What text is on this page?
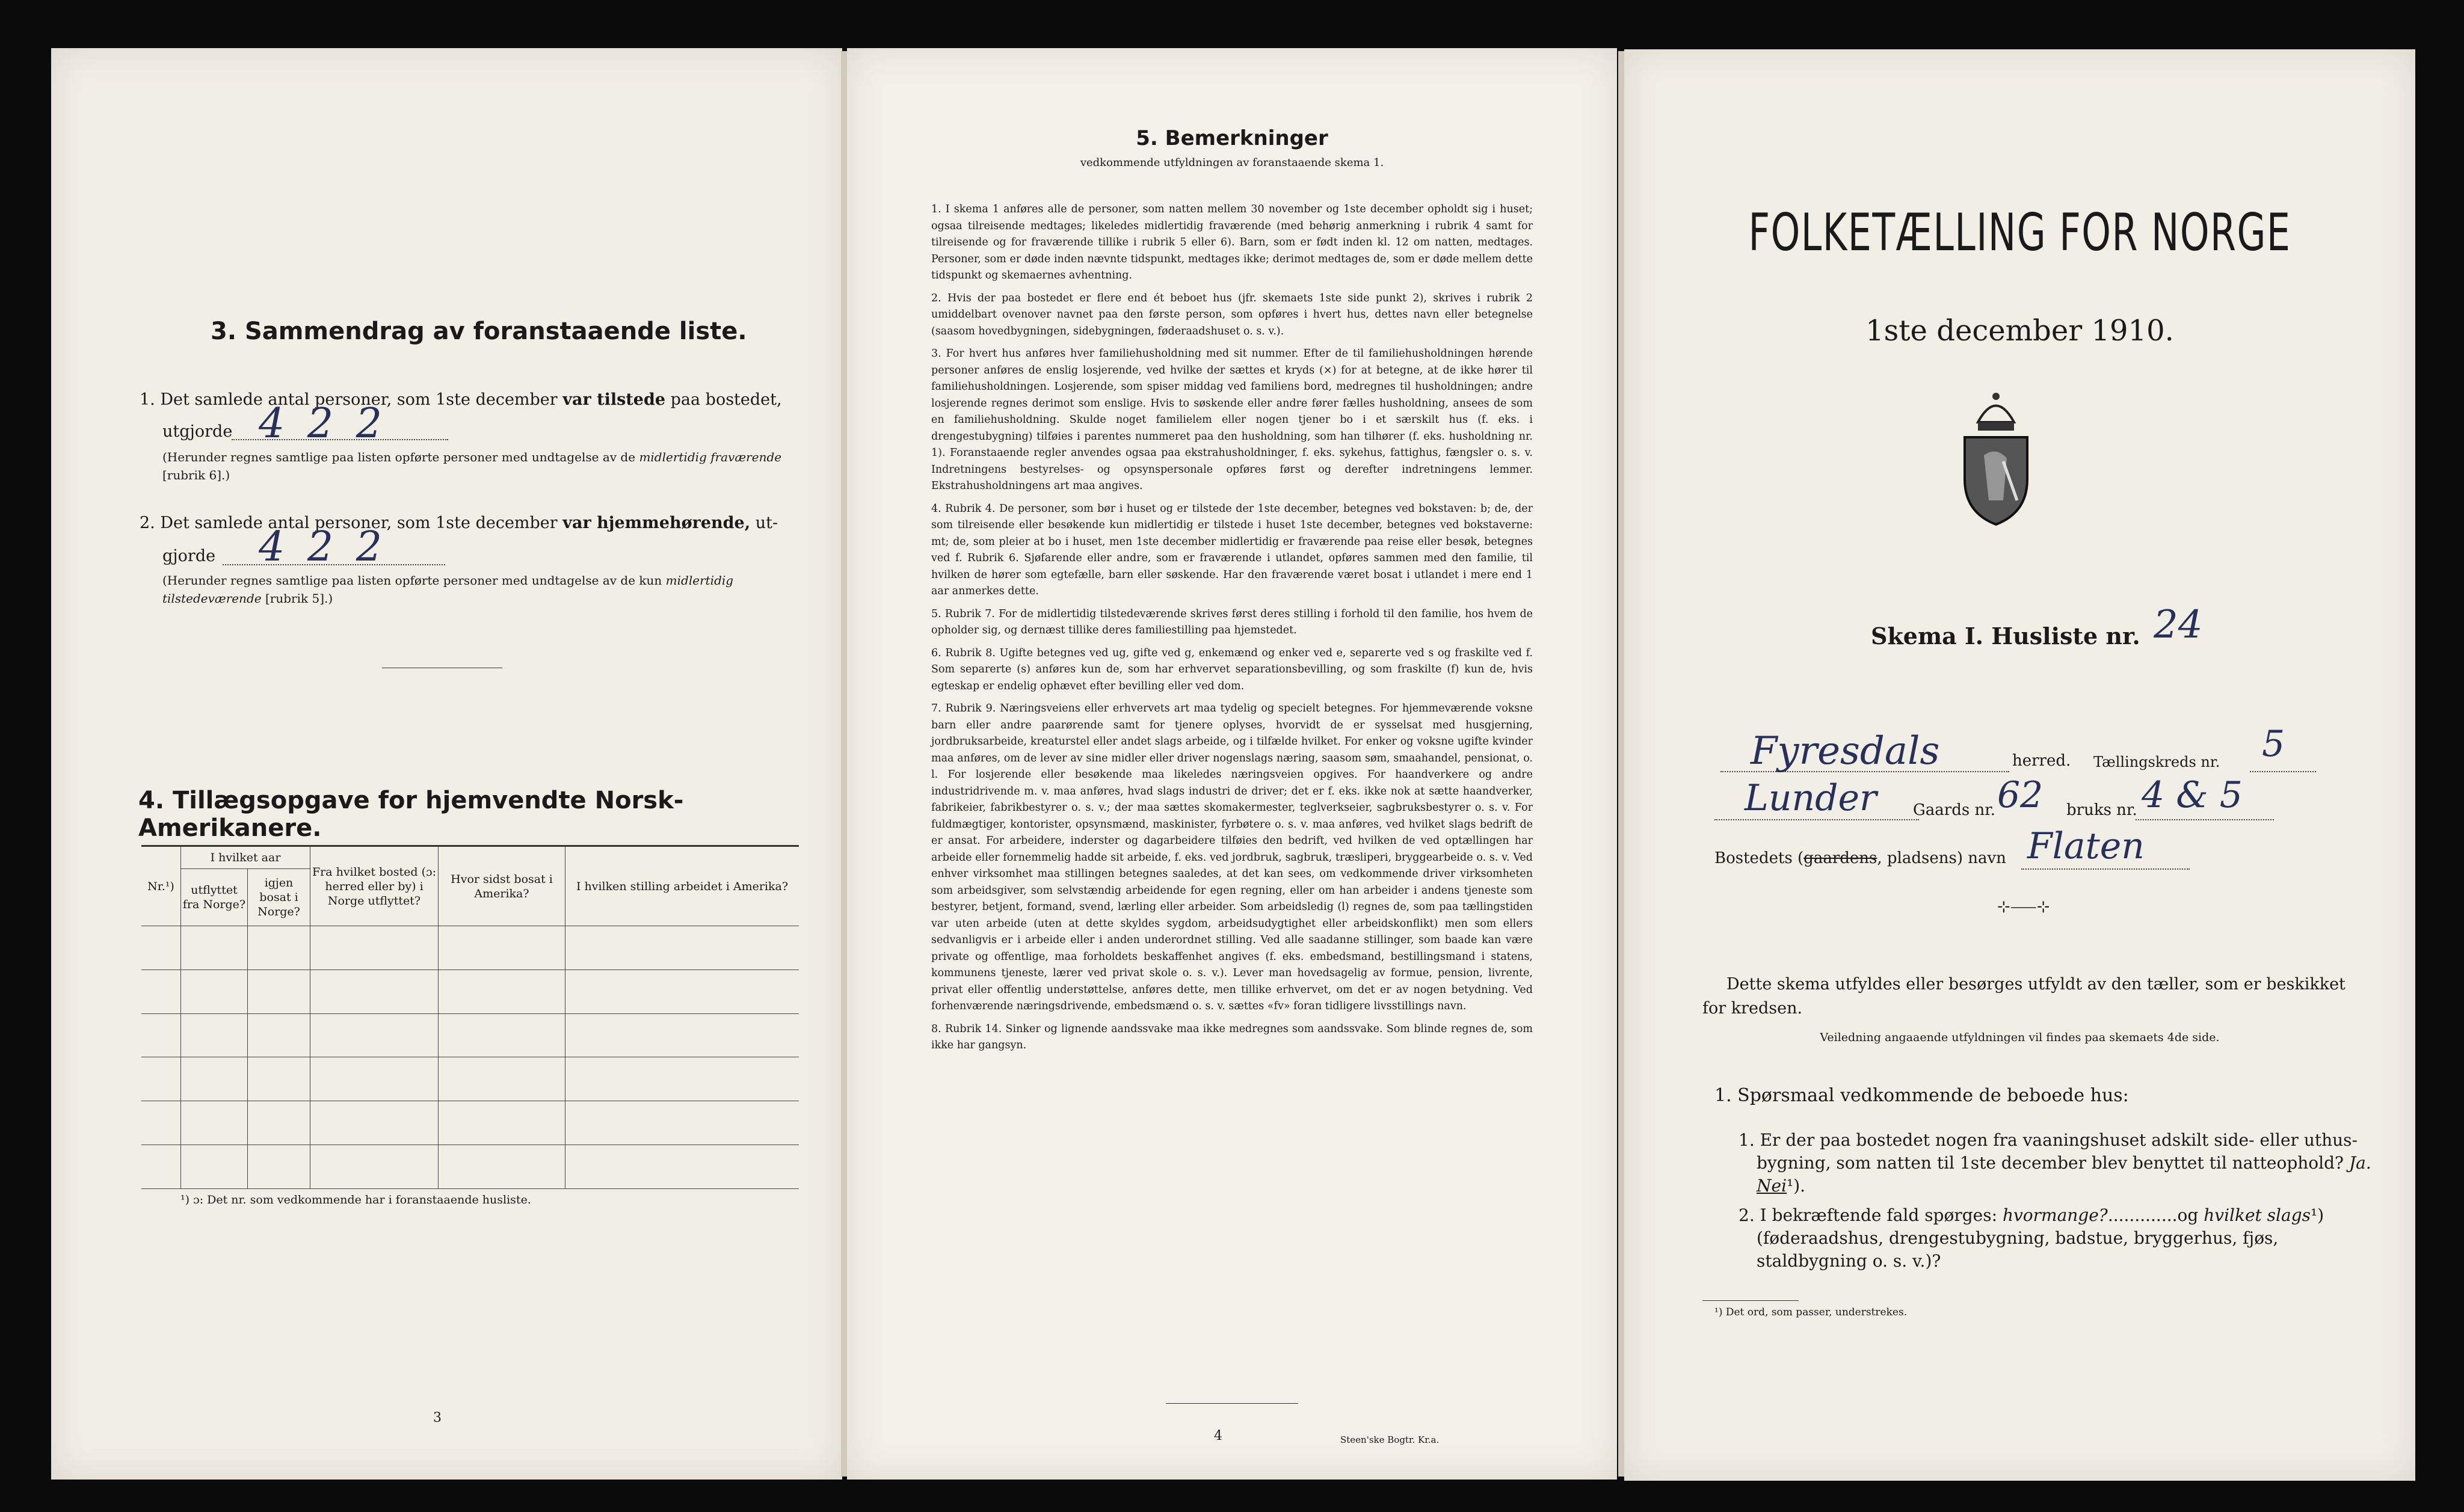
3. Sammendrag av foranstaaende liste.
1. Det samlede antal personer, som 1ste december var tilstede paa bostedet,
utgjorde 4 2 2
(Herunder regnes samtlige paa listen opførte personer med undtagelse av de midlertidig fraværende [rubrik 6].)
2. Det samlede antal personer, som 1ste december var hjemmehørende, ut-
gjorde 4 2 2
(Herunder regnes samtlige paa listen opførte personer med undtagelse av de kun midlertidig tilstedeværende [rubrik 5].)
4. Tillægsopgave for hjemvendte Norsk-Amerikanere.
Nr.¹)	I hvilket aar		Fra hvilket bosted (ɔ: herred eller by) i Norge utflyttet?	Hvor sidst bosat i Amerika?	I hvilken stilling arbeidet i Amerika?
	utflyttet fra Norge?	igjen bosat i Norge?			

¹) ɔ: Det nr. som vedkommende har i foranstaaende husliste.
3
5. Bemerkninger
vedkommende utfyldningen av foranstaaende skema 1.

1. I skema 1 anføres alle de personer, som natten mellem 30 november og 1ste december opholdt sig i huset; ogsaa tilreisende medtages; likeledes midlertidig fraværende (med behørig anmerkning i rubrik 4 samt for tilreisende og for fraværende tillike i rubrik 5 eller 6). Barn, som er født inden kl. 12 om natten, medtages. Personer, som er døde inden nævnte tidspunkt, medtages ikke; derimot medtages de, som er døde mellem dette tidspunkt og skemaernes avhentning.

2. Hvis der paa bostedet er flere end ét beboet hus (jfr. skemaets 1ste side punkt 2), skrives i rubrik 2 umiddelbart ovenover navnet paa den første person, som opføres i hvert hus, dettes navn eller betegnelse (saasom hovedbygningen, sidebygningen, føderaadshuset o. s. v.).

3. For hvert hus anføres hver familiehusholdning med sit nummer. Efter de til familiehusholdningen hørende personer anføres de enslig losjerende, ved hvilke der sættes et kryds (×) for at betegne, at de ikke hører til familiehusholdningen. Losjerende, som spiser middag ved familiens bord, medregnes til husholdningen; andre losjerende regnes derimot som enslige. Hvis to søskende eller andre fører fælles husholdning, ansees de som en familiehusholdning. Skulde noget familielem eller nogen tjener bo i et særskilt hus (f. eks. i drengestubygning) tilføies i parentes nummeret paa den husholdning, som han tilhører (f. eks. husholdning nr. 1). Foranstaaende regler anvendes ogsaa paa ekstrahusholdninger, f. eks. sykehus, fattighus, fængsler o. s. v. Indretningens bestyrelses- og opsynspersonale opføres først og derefter indretningens lemmer. Ekstrahusholdningens art maa angives.

4. Rubrik 4. De personer, som bør i huset og er tilstede der 1ste december, betegnes ved bokstaven: b; de, der som tilreisende eller besøkende kun midlertidig er tilstede i huset 1ste december, betegnes ved bokstaverne: mt; de, som pleier at bo i huset, men 1ste december midlertidig er fraværende paa reise eller besøk, betegnes ved f. Rubrik 6. Sjøfarende eller andre, som er fraværende i utlandet, opføres sammen med den familie, til hvilken de hører som egtefælle, barn eller søskende. Har den fraværende været bosat i utlandet i mere end 1 aar anmerkes dette.

5. Rubrik 7. For de midlertidig tilstedeværende skrives først deres stilling i forhold til den familie, hos hvem de opholder sig, og dernæst tillike deres familiestilling paa hjemstedet.

6. Rubrik 8. Ugifte betegnes ved ug, gifte ved g, enkemænd og enker ved e, separerte ved s og fraskilte ved f. Som separerte (s) anføres kun de, som har erhvervet separationsbevilling, og som fraskilte (f) kun de, hvis egteskap er endelig ophævet efter bevilling eller ved dom.

7. Rubrik 9. Næringsveiens eller erhvervets art maa tydelig og specielt betegnes. For hjemmeværende voksne barn eller andre paarørende samt for tjenere oplyses, hvorvidt de er sysselsat med husgjerning, jordbruksarbeide, kreaturstel eller andet slags arbeide, og i tilfælde hvilket. For enker og voksne ugifte kvinder maa anføres, om de lever av sine midler eller driver nogenslags næring, saasom søm, smaahandel, pensionat, o. l. For losjerende eller besøkende maa likeledes næringsveien opgives. For haandverkere og andre industridrivende m. v. maa anføres, hvad slags industri de driver; det er f. eks. ikke nok at sætte haandverker, fabrikeier, fabrikbestyrer o. s. v.; der maa sættes skomakermester, teglverkseier, sagbruksbestyrer o. s. v. For fuldmægtiger, kontorister, opsynsmænd, maskinister, fyrbøtere o. s. v. maa anføres, ved hvilket slags bedrift de er ansat. For arbeidere, inderster og dagarbeidere tilføies den bedrift, ved hvilken de ved optællingen har arbeide eller fornemmelig hadde sit arbeide, f. eks. ved jordbruk, sagbruk, træsliperi, bryggearbeide o. s. v. Ved enhver virksomhet maa stillingen betegnes saaledes, at det kan sees, om vedkommende driver virksomheten som arbeidsgiver, som selvstændig arbeidende for egen regning, eller om han arbeider i andens tjeneste som bestyrer, betjent, formand, svend, lærling eller arbeider. Som arbeidsledig (l) regnes de, som paa tællingstiden var uten arbeide (uten at dette skyldes sygdom, arbeidsudygtighet eller arbeidskonflikt) men som ellers sedvanligvis er i arbeide eller i anden underordnet stilling. Ved alle saadanne stillinger, som baade kan være private og offentlige, maa forholdets beskaffenhet angives (f. eks. embedsmand, bestillingsmand i statens, kommunens tjeneste, lærer ved privat skole o. s. v.). Lever man hovedsagelig av formue, pension, livrente, privat eller offentlig understøttelse, anføres dette, men tillike erhvervet, om det er av nogen betydning. Ved forhenværende næringsdrivende, embedsmænd o. s. v. sættes «fv» foran tidligere livsstillings navn.

8. Rubrik 14. Sinker og lignende aandssvake maa ikke medregnes som aandssvake. Som blinde regnes de, som ikke har gangsyn.

4	Steen'ske Bogtr. Kr.a.
FOLKETÆLLING FOR NORGE
1ste december 1910.
Skema I. Husliste nr. 24
Fyresdals	herred. Tællingskreds nr. 5
Lunder Gaards nr. 62 bruks nr. 4 & 5
Bostedets (gaardens, pladsens) navn Flaten
⊹⸺⊹
Dette skema utfyldes eller besørges utfyldt av den tæller, som er beskikket for kredsen.
Veiledning angaaende utfyldningen vil findes paa skemaets 4de side.
1. Spørsmaal vedkommende de beboede hus:
1. Er der paa bostedet nogen fra vaaningshuset adskilt side- eller uthus-bygning, som natten til 1ste december blev benyttet til natteophold? Ja. Nei¹).
2. I bekræftende fald spørges: hvormange?.............og hvilket slags¹) (føderaadshus, drengestubygning, badstue, bryggerhus, fjøs, staldbygning o. s. v.)?
¹) Det ord, som passer, understrekes.
